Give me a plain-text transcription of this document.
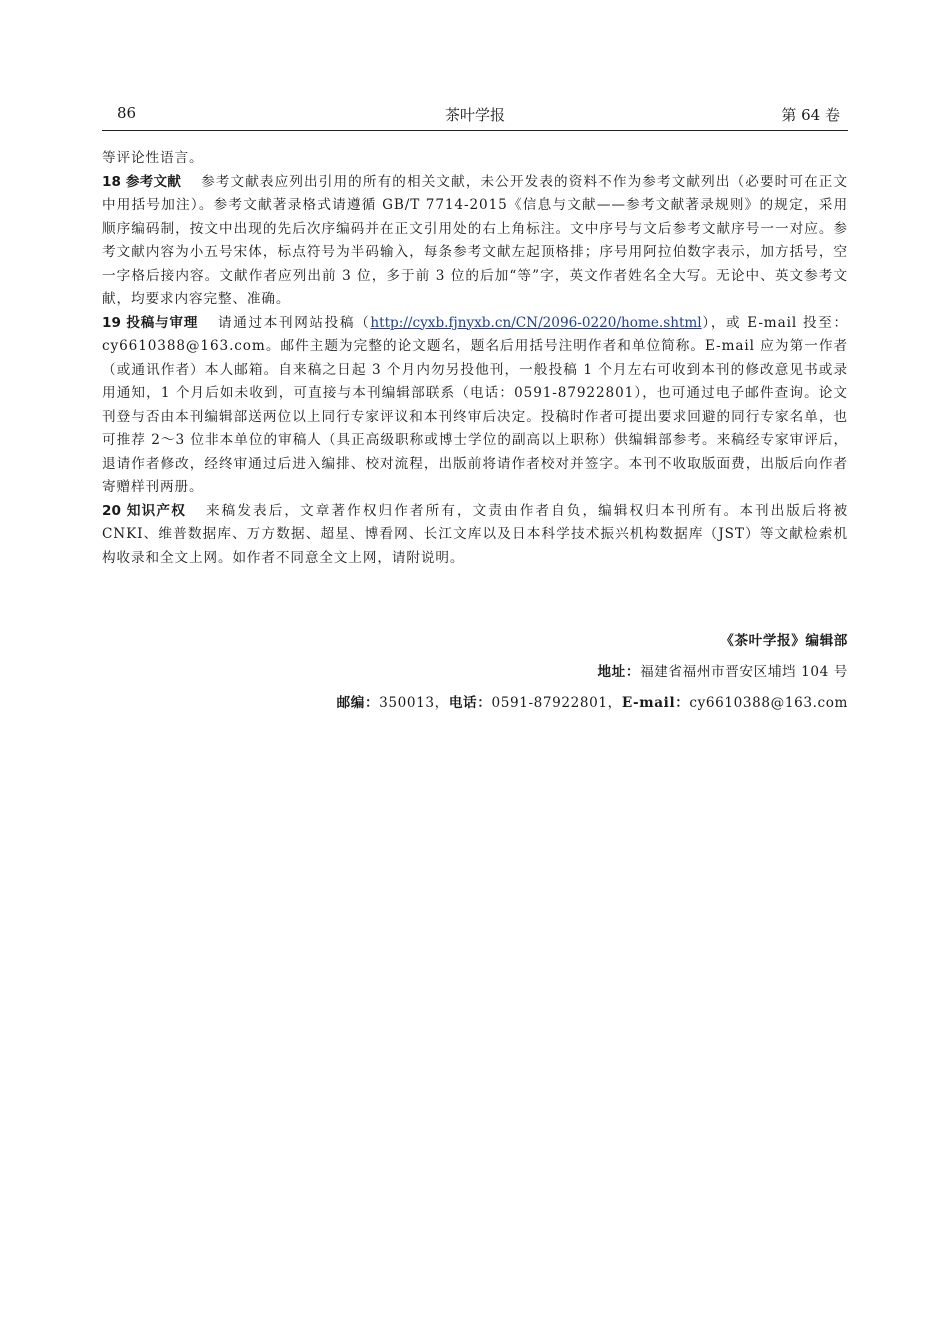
86	茶叶学报	第 64 卷

等评论性语言。

18 参考文献 参考文献表应列出引用的所有的相关文献，未公开发表的资料不作为参考文献列出（必要时可在正文中用括号加注）。参考文献著录格式请遵循 GB/T 7714-2015《信息与文献——参考文献著录规则》的规定，采用顺序编码制，按文中出现的先后次序编码并在正文引用处的右上角标注。文中序号与文后参考文献序号一一对应。参考文献内容为小五号宋体，标点符号为半码输入，每条参考文献左起顶格排；序号用阿拉伯数字表示，加方括号，空一字格后接内容。文献作者应列出前 3 位，多于前 3 位的后加“等”字，英文作者姓名全大写。无论中、英文参考文献，均要求内容完整、准确。

19 投稿与审理 请通过本刊网站投稿（http://cyxb.fjnyxb.cn/CN/2096-0220/home.shtml），或 E-mail 投至：cy6610388@163.com。邮件主题为完整的论文题名，题名后用括号注明作者和单位简称。E-mail 应为第一作者（或通讯作者）本人邮箱。自来稿之日起 3 个月内勿另投他刊，一般投稿 1 个月左右可收到本刊的修改意见书或录用通知，1 个月后如未收到，可直接与本刊编辑部联系（电话：0591-87922801），也可通过电子邮件查询。论文刊登与否由本刊编辑部送两位以上同行专家评议和本刊终审后决定。投稿时作者可提出要求回避的同行专家名单，也可推荐 2～3 位非本单位的审稿人（具正高级职称或博士学位的副高以上职称）供编辑部参考。来稿经专家审评后，退请作者修改，经终审通过后进入编排、校对流程，出版前将请作者校对并签字。本刊不收取版面费，出版后向作者寄赠样刊两册。

20 知识产权 来稿发表后，文章著作权归作者所有，文责由作者自负，编辑权归本刊所有。本刊出版后将被 CNKI、维普数据库、万方数据、超星、博看网、长江文库以及日本科学技术振兴机构数据库（JST）等文献检索机构收录和全文上网。如作者不同意全文上网，请附说明。

《茶叶学报》编辑部
地址：福建省福州市晋安区埔垱 104 号
邮编：350013，电话：0591-87922801，E-mail：cy6610388@163.com
